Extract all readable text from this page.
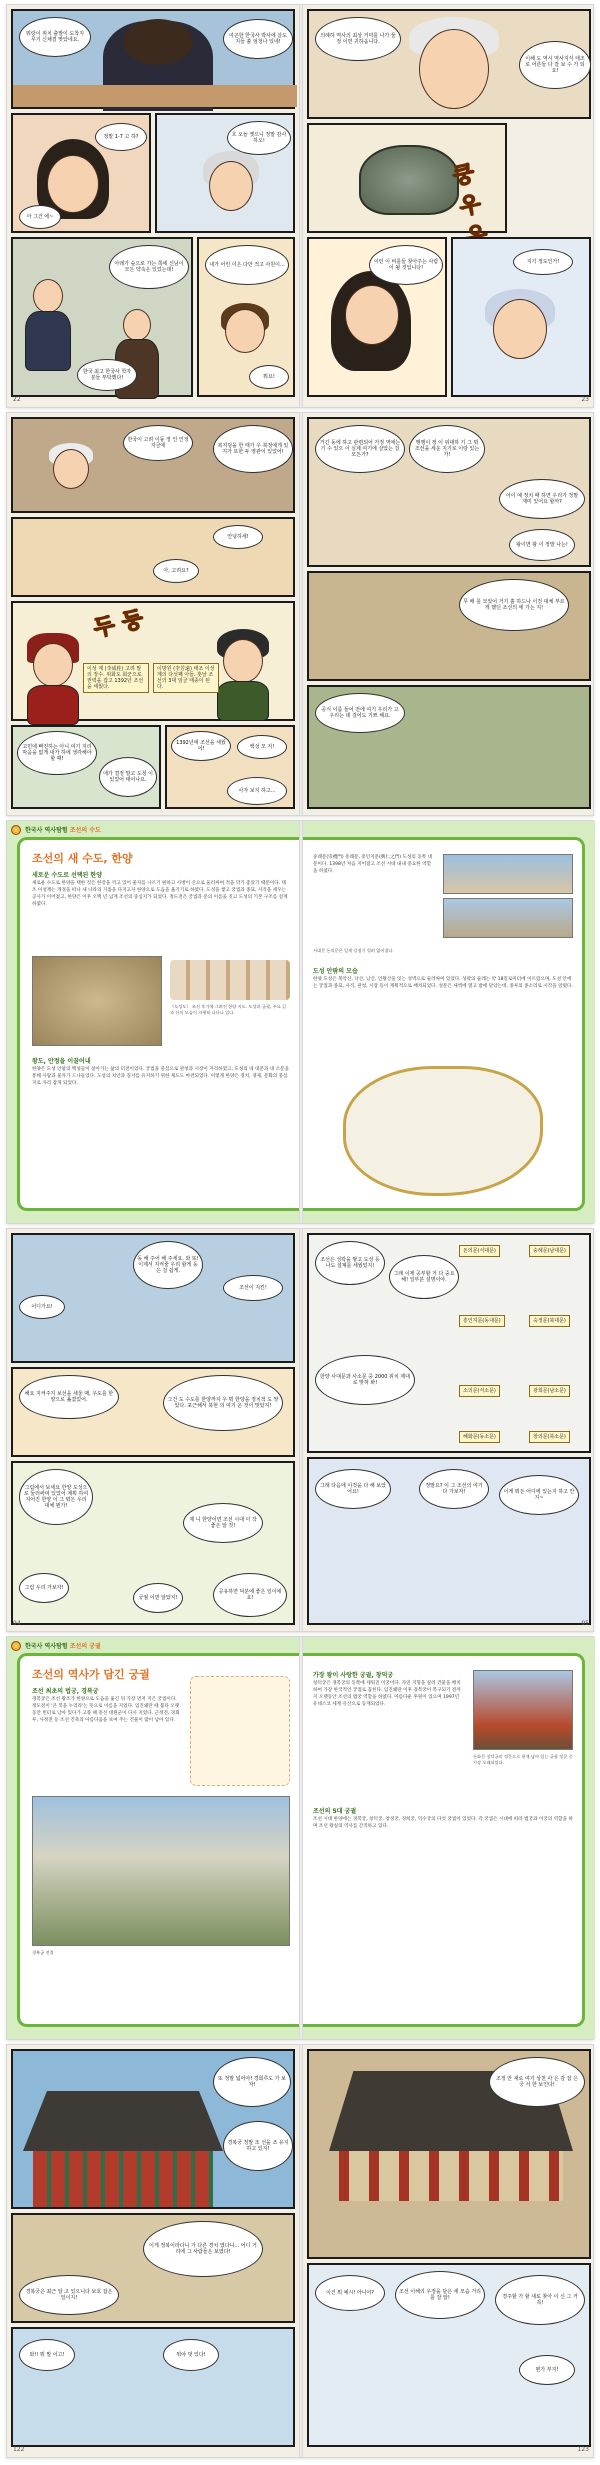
뭐랑이 위치 출발이 도착지 무기 신채결 맞았네요.
여곤한 한국사 박사에 살도 지들 쏠 엄청나 있네!
정말 1-7 고 하?
아 그건 에~
흐 오늘 옛으니 정말 감사하오!
아래가 숲으로 가는 쪽에 신님이 모든 약속은 있었는데!
한국 최고 한국사 학자 분들 부탁했다!
내가 어린 이은 다만 적고 사원이...
뭐요!
22
의례하 역사의 최상 거미를 나가 둘 정 이면 귀하옵니다.
이해 도 역시 역사지식 태조로 어른들 다 잘 보 수 가 되요!
쿵 우
이런 이 비를들 찾아주는 사람이 될 것입니다!
지기 정도인가!
23
한국이 고려 이동 정 인 인정 지금에	복지딩을 한 태가 우 북정에게 있지가 또한 두 영관이 있었어!
안녕하세!
아, 고려요?
두 둥
이성 계 (李成桂) 고려 말의 장수. 위화도 회군으로 권력을 잡고 1392년 조선을 세웠다.
이방원 (李芳遠) 태조 이성계의 다섯째 아들. 훗날 조선의 3대 임금 태종이 된다.
고민에 빠진하는 아니 여기 지리 막음을 없게 내가 하에 생각해야 할 때!
애가 결정 말고 도청 이 있었어 태어나요.
1392년에 조선을 세웠어!	백성 모 지!
사자 보지 하고...
거긴 동에 하고 관련되어 가정 역에는 기 수 있으 이 실제 여기에 살았는 걸 모든가?
땡땡이 정 이 위대하 기 그 뭐 조선을 세운 지기로 이랑 있는가!
아이 예 정치 때 하면 우리가 정말 재미 있어요 할까?
왕이면 왕 이 정말 나는!
무 배 를 모았어 거기 흘 하드나 이것 대체 부르게 했던 조선의 에 가는 지!
공식 이름 들어 전에 여기 우리가 고 우리는 데 걸어도 기쁘 해요.
한국사 역사탐험 조선의 수도
조선의 새 수도, 한양
새로운 수도로 선택된 한양
새로운 수도로 한양을 택한 것은 한강을 끼고 있어 물자를 나르기 편하고 사방이 산으로 둘러싸여 적을 막기 좋았기 때문이다. 태조 이성계는 개경을 떠나 새 나라의 기틀을 다지고자 한양으로 도읍을 옮기기로 하였다. 도성을 쌓고 궁궐과 종묘, 사직을 세우는 공사가 이어졌고, 한양은 이후 오백 년 넘게 조선의 중심지가 되었다. 정도전은 궁궐과 문의 이름을 짓고 도성의 기본 구조를 설계하였다.
《도성도》 조선 후기에 그려진 한양 지도. 도성과 궁궐, 주요 길과 산의 모습이 자세히 나타나 있다.
왕도, 안정을 이끌어내
한양은 도성 안팎의 백성들이 살아가는 삶의 터전이었다. 궁궐을 중심으로 관청과 시장이 자리하였고, 도성의 네 대문과 네 소문을 통해 사람과 물자가 드나들었다. 도성의 치안과 질서를 유지하기 위한 제도도 마련되었다. 이렇게 한양은 정치, 경제, 문화의 중심지로 자리 잡게 되었다.
숭례문(崇禮門) 흥례문, 흥인지문(興仁之門) 도성의 동쪽 대문이다. 1398년 처음 지어졌고 조선 시대 내내 중요한 역할을 하였다.
서대문 돈의문은 일제 강점기 헐려 없어졌다.
도성 안팎의 모습
한양 도성은 북악산, 낙산, 남산, 인왕산을 잇는 성벽으로 둘러싸여 있었다. 성곽의 둘레는 약 18킬로미터에 이르렀으며, 도성 안에는 궁궐과 종묘, 사직, 관청, 시장 등이 계획적으로 배치되었다. 성문은 새벽에 열고 밤에 닫았는데, 종루의 종소리로 시각을 알렸다.
동 해 주어 해 주세요. 와 또! 이제서 지켜줄 우리 할게 등은 걸 쉽게.
어디가요!
조선이 지킨!
해요 지켜주지 보선을 세울 때, 우도를 한양으로 옮겼었어.	그건 도 수도를 한양까지 우 뭐 한양을 정치적 도 맞았다. 포근해서 북현 의 여기 온 것이 맞았지!
그림에서 보세요 한양 도성으로 둘러싸여 있었어 계획 하여 지어진 한양 이 그 뭐든 우리 대체 뭔가!
제 니 한양이면 조선 시대 이 작 좋은 알 것!
그럼 우리 가보자!
궁궐 이면 알았지!
공유하면 덕분에 좋은 일이에요!
94
조선은 성곽을 쌓고 도성 등 나도 설계를 세웠었지!
그래 이제 공부할 거 다 중요해! 일부분 설명이야.
돈의문(서대문)	숭례문(남대문)
흥인지문(동대문)	숙정문(북대문)
소의문(서소문)	광희문(남소문)
혜화문(동소문)	창의문(북소문)
한양 사대문과 사소문 중 2000 위치 제대로 맞혀 봐!
그래 다음에 이것을 다 해 보았어요!
정말요? 이 그 조선의 여기 다 가보자!	이게 뭐든 어디에 있는지 하고 안지~
95
한국사 역사탐험 조선의 궁궐
조선의 역사가 담긴 궁궐
조선 최초의 법궁, 경복궁
경복궁은 조선 왕조가 한양으로 도읍을 옮긴 뒤 가장 먼저 지은 궁궐이다. 정도전이 '큰 복을 누리라'는 뜻으로 이름을 지었다. 임진왜란 때 불타 오랫동안 빈터로 남아 있다가 고종 때 흥선 대원군이 다시 지었다. 근정전, 경회루, 사정전 등 조선 건축의 아름다움을 보여 주는 건물이 많이 남아 있다.
경복궁 전경
가장 왕이 사랑한 궁궐, 창덕궁
창덕궁은 경복궁의 동쪽에 세워진 이궁이다. 자연 지형을 살려 건물을 배치하여 가장 한국적인 궁궐로 꼽힌다. 임진왜란 이후 경복궁이 복구되기 전까지 오랫동안 조선의 법궁 역할을 하였다. 아름다운 후원이 있으며 1997년 유네스코 세계 유산으로 등재되었다.
돈화문 창덕궁의 정문으로 현재 남아 있는 궁궐 정문 중 가장 오래되었다.
조선의 5대 궁궐
조선 시대 한양에는 경복궁, 창덕궁, 창경궁, 경희궁, 덕수궁의 다섯 궁궐이 있었다. 각 궁궐은 시대에 따라 법궁과 이궁의 역할을 하며 조선 왕실의 역사를 간직하고 있다.
또 정말 넓어야! 경회루도 가 보자!
경복궁 정말 조 선을 조 유지 하고 있지!
이게 정복이라다니 가 다른 경치 였다니... 어디 거리에 그 사람들은 보였다!
경복궁은 최근 알 고 있으니다 보호 잡은 일이지!
와!! 뭐 말 이고!	뭐야 멋 있다!
122
조정 안 새로 여기 상천 사 은 감 잡 은 궁 서 한 보인다!
이건 뭐 예시! 아니야?	조선 이해의 우정을 담은 세 모습 거리를 잘 알!	경주할 가 할 새로 찾아 이 신 그 거 꼭!
뭔가 부지!
123
